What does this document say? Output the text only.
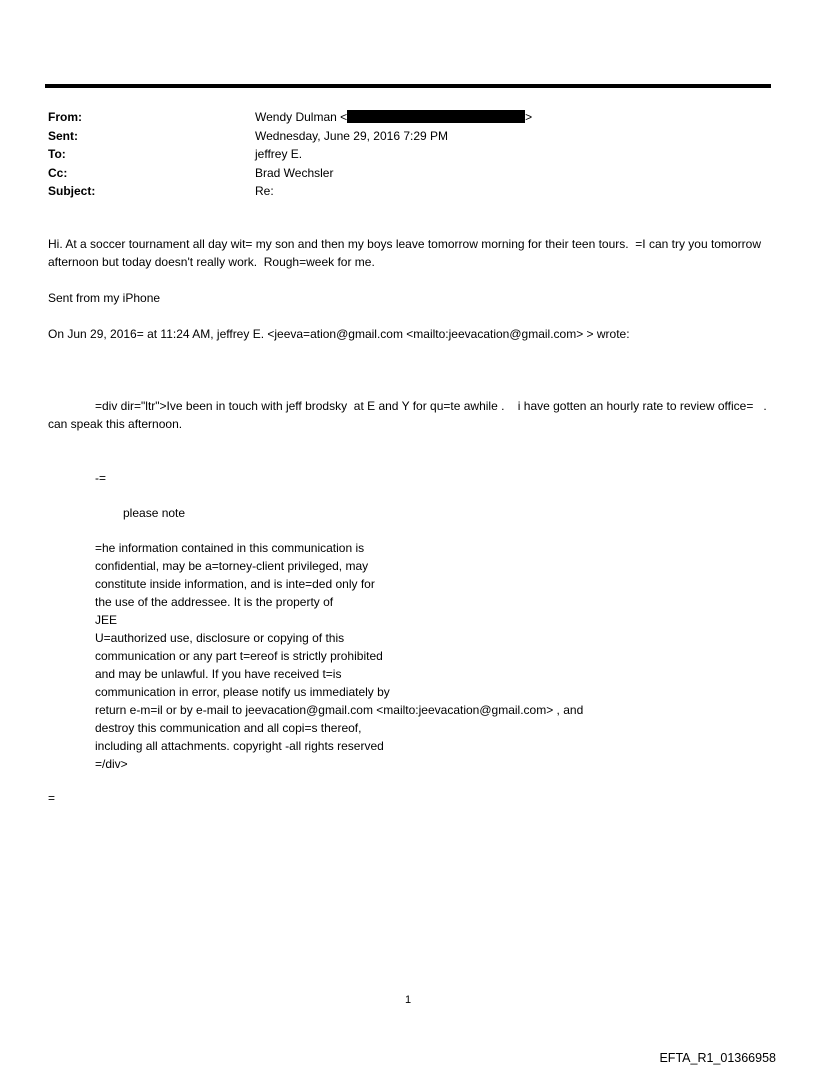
From:	Wendy Dulman <	>
Sent:	Wednesday, June 29, 2016 7:29 PM
To:	jeffrey E.
Cc:	Brad Wechsler
Subject:	Re:
Hi. At a soccer tournament all day wit= my son and then my boys leave tomorrow morning for their teen tours.  =I can try you tomorrow afternoon but today doesn't really work.  Rough=week for me.
Sent from my iPhone
On Jun 29, 2016= at 11:24 AM, jeffrey E. <jeeva=ation@gmail.com <mailto:jeevacation@gmail.com> > wrote:
=div dir="ltr">Ive been in touch with jeff brodsky  at E and Y for qu=te awhile .    i have gotten an hourly rate to review office=   .  can speak this afternoon.
-=
please note
=he information contained in this communication is
confidential, may be a=torney-client privileged, may
constitute inside information, and is inte=ded only for
the use of the addressee. It is the property of
JEE
U=authorized use, disclosure or copying of this
communication or any part t=ereof is strictly prohibited
and may be unlawful. If you have received t=is
communication in error, please notify us immediately by
return e-m=il or by e-mail to jeevacation@gmail.com <mailto:jeevacation@gmail.com> , and
destroy this communication and all copi=s thereof,
including all attachments. copyright -all rights reserved
=/div>
=
1
EFTA_R1_01366958
